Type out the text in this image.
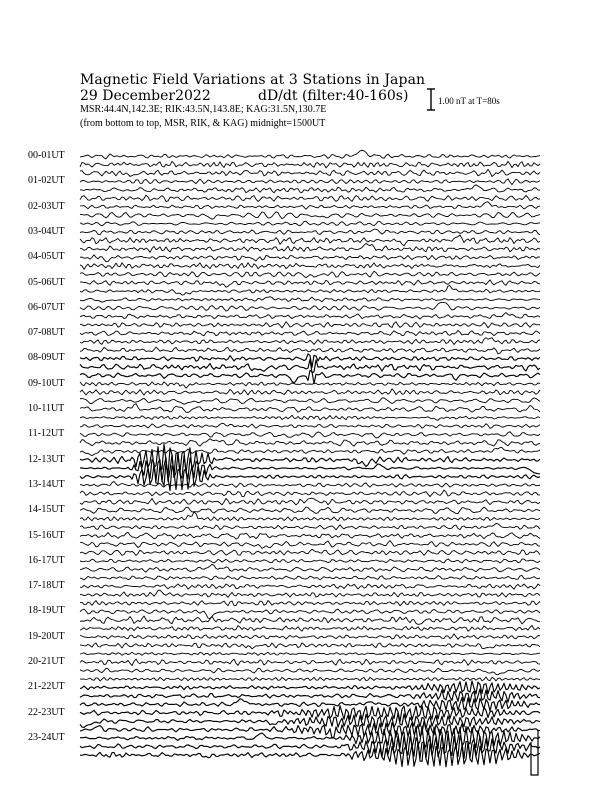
Magnetic Field Variations at 3 Stations in Japan
29 December2022	dD/dt (filter:40-160s)
MSR:44.4N,142.3E; RIK:43.5N,143.8E; KAG:31.5N,130.7E
(from bottom to top, MSR, RIK, & KAG) midnight=1500UT
1.00 nT at T=80s
00-01UT
01-02UT
02-03UT
03-04UT
04-05UT
05-06UT
06-07UT
07-08UT
08-09UT
09-10UT
10-11UT
11-12UT
12-13UT
13-14UT
14-15UT
15-16UT
16-17UT
17-18UT
18-19UT
19-20UT
20-21UT
21-22UT
22-23UT
23-24UT
